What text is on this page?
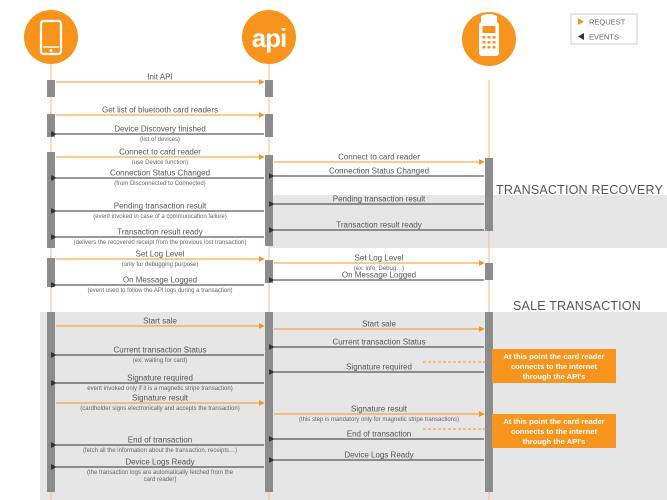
api
REQUEST
EVENTS
TRANSACTION RECOVERY
SALE TRANSACTION
At this point the card reader
connects to the internet
through the API's
At this point the card reader
connects to the internet
through the API's
Init API
Get list of bluetooth card readers
Device Discovery finished
(list of devices)
Connect to card reader
(use Device function)
Connection Status Changed
(from Disconnected to Connected)
Pending transaction result
(event invoked in case of a communication failure)
Transaction result ready
(delivers the recovered receipt from the previous lost transaction)
Set Log Level
(only for debugging purpose)
On Message Logged
(event used to follow the API logs during a transaction)
Start sale
Current transaction Status
(ex: waiting for card)
Signature required
event invoked only if it is a magnetic stripe transaction)
Signature result
(cardholder signs electronically and accepts the transaction)
End of transaction
(fetch all the information about the transaction, receipts…)
Device Logs Ready
(the transaction logs are automatically fetched from the
card reader)
Connect to card reader
Connection Status Changed
Pending transaction result
Transaction result ready
Set Log Level
(ex: info, Debug…)
On Message Logged
Start sale
Current transaction Status
Signature required
Signature result
(this step is mandatory only for magnetic stripe transactions)
End of transaction
Device Logs Ready
